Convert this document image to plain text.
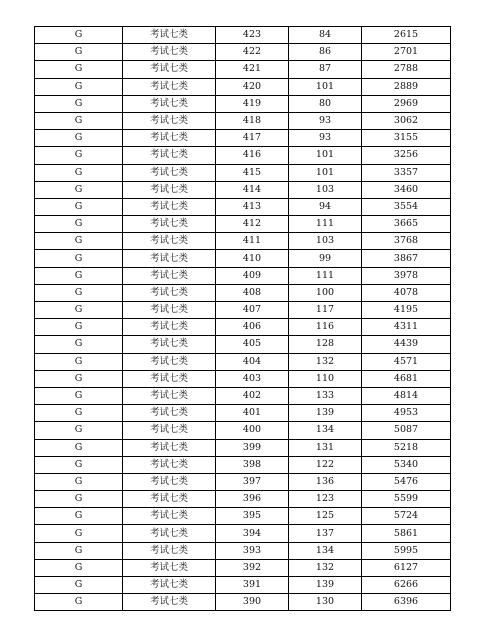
G	考试七类	423	84	2615
G	考试七类	422	86	2701
G	考试七类	421	87	2788
G	考试七类	420	101	2889
G	考试七类	419	80	2969
G	考试七类	418	93	3062
G	考试七类	417	93	3155
G	考试七类	416	101	3256
G	考试七类	415	101	3357
G	考试七类	414	103	3460
G	考试七类	413	94	3554
G	考试七类	412	111	3665
G	考试七类	411	103	3768
G	考试七类	410	99	3867
G	考试七类	409	111	3978
G	考试七类	408	100	4078
G	考试七类	407	117	4195
G	考试七类	406	116	4311
G	考试七类	405	128	4439
G	考试七类	404	132	4571
G	考试七类	403	110	4681
G	考试七类	402	133	4814
G	考试七类	401	139	4953
G	考试七类	400	134	5087
G	考试七类	399	131	5218
G	考试七类	398	122	5340
G	考试七类	397	136	5476
G	考试七类	396	123	5599
G	考试七类	395	125	5724
G	考试七类	394	137	5861
G	考试七类	393	134	5995
G	考试七类	392	132	6127
G	考试七类	391	139	6266
G	考试七类	390	130	6396
